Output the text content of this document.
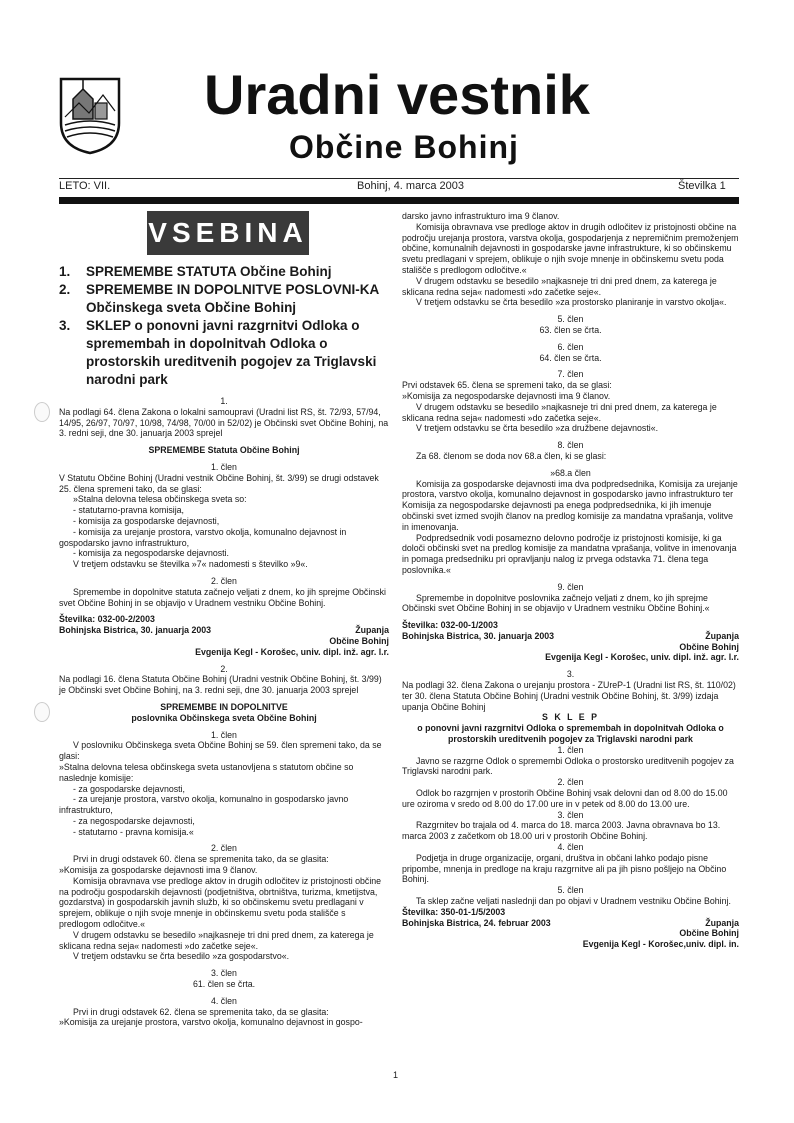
Uradni vestnik
Občine Bohinj
LETO: VII.	Bohinj, 4. marca 2003	Številka 1
VSEBINA
1. SPREMEMBE STATUTA Občine Bohinj
2. SPREMEMBE IN DOPOLNITVE POSLOVNI-KA Občinskega sveta Občine Bohinj
3. SKLEP o ponovni javni razgrnitvi Odloka o spremembah in dopolnitvah Odloka o prostorskih ureditvenih pogojev za Triglavski narodni park

1.

Na podlagi 64. člena Zakona o lokalni samoupravi (Uradni list RS, št. 72/93, 57/94, 14/95, 26/97, 70/97, 10/98, 74/98, 70/00 in 52/02) je Občinski svet Občine Bohinj, na 3. redni seji, dne 30. januarja 2003 sprejel

SPREMEMBE Statuta Občine Bohinj

1. člen

V Statutu Občine Bohinj (Uradni vestnik Občine Bohinj, št. 3/99) se drugi odstavek 25. člena spremeni tako, da se glasi:

»Stalna delovna telesa občinskega sveta so:

- statutarno-pravna komisija,

- komisija za gospodarske dejavnosti,

- komisija za urejanje prostora, varstvo okolja, komunalno dejavnost in gospodarsko javno infrastrukturo,

- komisija za negospodarske dejavnosti.

V tretjem odstavku se številka »7« nadomesti s številko »9«.

2. člen

Spremembe in dopolnitve statuta začnejo veljati z dnem, ko jih sprejme Občinski svet Občine Bohinj in se objavijo v Uradnem vestniku Občine Bohinj.

Številka: 032-00-2/2003

Bohinjska Bistrica, 30. januarja 2003	Županja

Občine Bohinj

Evgenija Kegl - Korošec, univ. dipl. inž. agr. l.r.

2.

Na podlagi 16. člena Statuta Občine Bohinj (Uradni vestnik Občine Bohinj, št. 3/99) je Občinski svet Občine Bohinj, na 3. redni seji, dne 30. januarja 2003 sprejel

SPREMEMBE IN DOPOLNITVE

poslovnika Občinskega sveta Občine Bohinj

1. člen

V poslovniku Občinskega sveta Občine Bohinj se 59. člen spremeni tako, da se glasi:

»Stalna delovna telesa občinskega sveta ustanovljena s statutom občine so naslednje komisije:

- za gospodarske dejavnosti,

- za urejanje prostora, varstvo okolja, komunalno in gospodarsko javno infrastrukturo,

- za negospodarske dejavnosti,

- statutarno - pravna komisija.«

2. člen

Prvi in drugi odstavek 60. člena se spremenita tako, da se glasita:

»Komisija za gospodarske dejavnosti ima 9 članov.

Komisija obravnava vse predloge aktov in drugih odločitev iz pristojnosti občine na področju gospodarskih dejavnosti (podjetništva, obrtništva, turizma, kmetijstva, gozdarstva) in gospodarskih javnih služb, ki so občinskemu svetu predlagani v sprejem, oblikuje o njih svoje mnenje in občinskemu svetu poda stališče s predlogom odločitve.«

V drugem odstavku se besedilo »najkasneje tri dni pred dnem, za katerega je sklicana redna seja« nadomesti »do začetke seje«.

V tretjem odstavku se črta besedilo »za gospodarstvo«.

3. člen

61. člen se črta.

4. člen

Prvi in drugi odstavek 62. člena se spremenita tako, da se glasita:

»Komisija za urejanje prostora, varstvo okolja, komunalno dejavnost in gospo-

darsko javno infrastrukturo ima 9 članov.

Komisija obravnava vse predloge aktov in drugih odločitev iz pristojnosti občine na področju urejanja prostora, varstva okolja, gospodarjenja z nepremičnim premoženjem občine, komunalnih dejavnosti in gospodarske javne infrastrukture, ki so občinskemu svetu predlagani v sprejem, oblikuje o njih svoje mnenje in občinskemu svetu poda stališče s predlogom odločitve.«

V drugem odstavku se besedilo »najkasneje tri dni pred dnem, za katerega je sklicana redna seja« nadomesti »do začetke seje«.

V tretjem odstavku se črta besedilo »za prostorsko planiranje in varstvo okolja«.

5. člen

63. člen se črta.

6. člen

64. člen se črta.

7. člen

Prvi odstavek 65. člena se spremeni tako, da se glasi:

»Komisija za negospodarske dejavnosti ima 9 članov.

V drugem odstavku se besedilo »najkasneje tri dni pred dnem, za katerega je sklicana redna seja« nadomesti »do začetka seje«.

V tretjem odstavku se črta besedilo »za družbene dejavnosti«.

8. člen

Za 68. členom se doda nov 68.a člen, ki se glasi:

»68.a člen

Komisija za gospodarske dejavnosti ima dva podpredsednika, Komisija za urejanje prostora, varstvo okolja, komunalno dejavnost in gospodarsko javno infrastrukturo ter Komisija za negospodarske dejavnosti pa enega podpredsednika, ki jih imenuje občinski svet izmed svojih članov na predlog komisije za mandatna vprašanja, volitve in imenovanja.

Podpredsednik vodi posamezno delovno področje iz pristojnosti komisije, ki ga določi občinski svet na predlog komisije za mandatna vprašanja, volitve in imenovanja in pomaga predsedniku pri opravljanju nalog iz prvega odstavka 71. člena tega poslovnika.«

9. člen

Spremembe in dopolnitve poslovnika začnejo veljati z dnem, ko jih sprejme Občinski svet Občine Bohinj in se objavijo v Uradnem vestniku Občine Bohinj.«

Številka: 032-00-1/2003

Bohinjska Bistrica, 30. januarja 2003	Županja

Občine Bohinj

Evgenija Kegl - Korošec, univ. dipl. inž. agr. l.r.

3.

Na podlagi 32. člena Zakona o urejanju prostora - ZUreP-1 (Uradni list RS, št. 110/02) ter 30. člena Statuta Občine Bohinj (Uradni vestnik Občine Bohinj, št. 3/99) izdaja upanja Občine Bohinj

S K L E P

o ponovni javni razgrnitvi Odloka o spremembah in dopolnitvah Odloka o prostorskih ureditvenih pogojev za Triglavski narodni park

1. člen

Javno se razgrne Odlok o spremembi Odloka o prostorsko ureditvenih pogojev za Triglavski narodni park.

2. člen

Odlok bo razgrnjen v prostorih Občine Bohinj vsak delovni dan od 8.00 do 15.00 ure oziroma v sredo od 8.00 do 17.00 ure in v petek od 8.00 do 13.00 ure.

3. člen

Razgrnitev bo trajala od 4. marca do 18. marca 2003. Javna obravnava bo 13. marca 2003 z začetkom ob 18.00 uri v prostorih Občine Bohinj.

4. člen

Podjetja in druge organizacije, organi, društva in občani lahko podajo pisne pripombe, mnenja in predloge na kraju razgrnitve ali pa jih pisno pošljejo na Občino Bohinj.

5. člen

Ta sklep začne veljati naslednji dan po objavi v Uradnem vestniku Občine Bohinj.

Številka: 350-01-1/5/2003

Bohinjska Bistrica, 24. februar 2003	Županja

Občine Bohinj

Evgenija Kegl - Korošec,univ. dipl. in.

1
